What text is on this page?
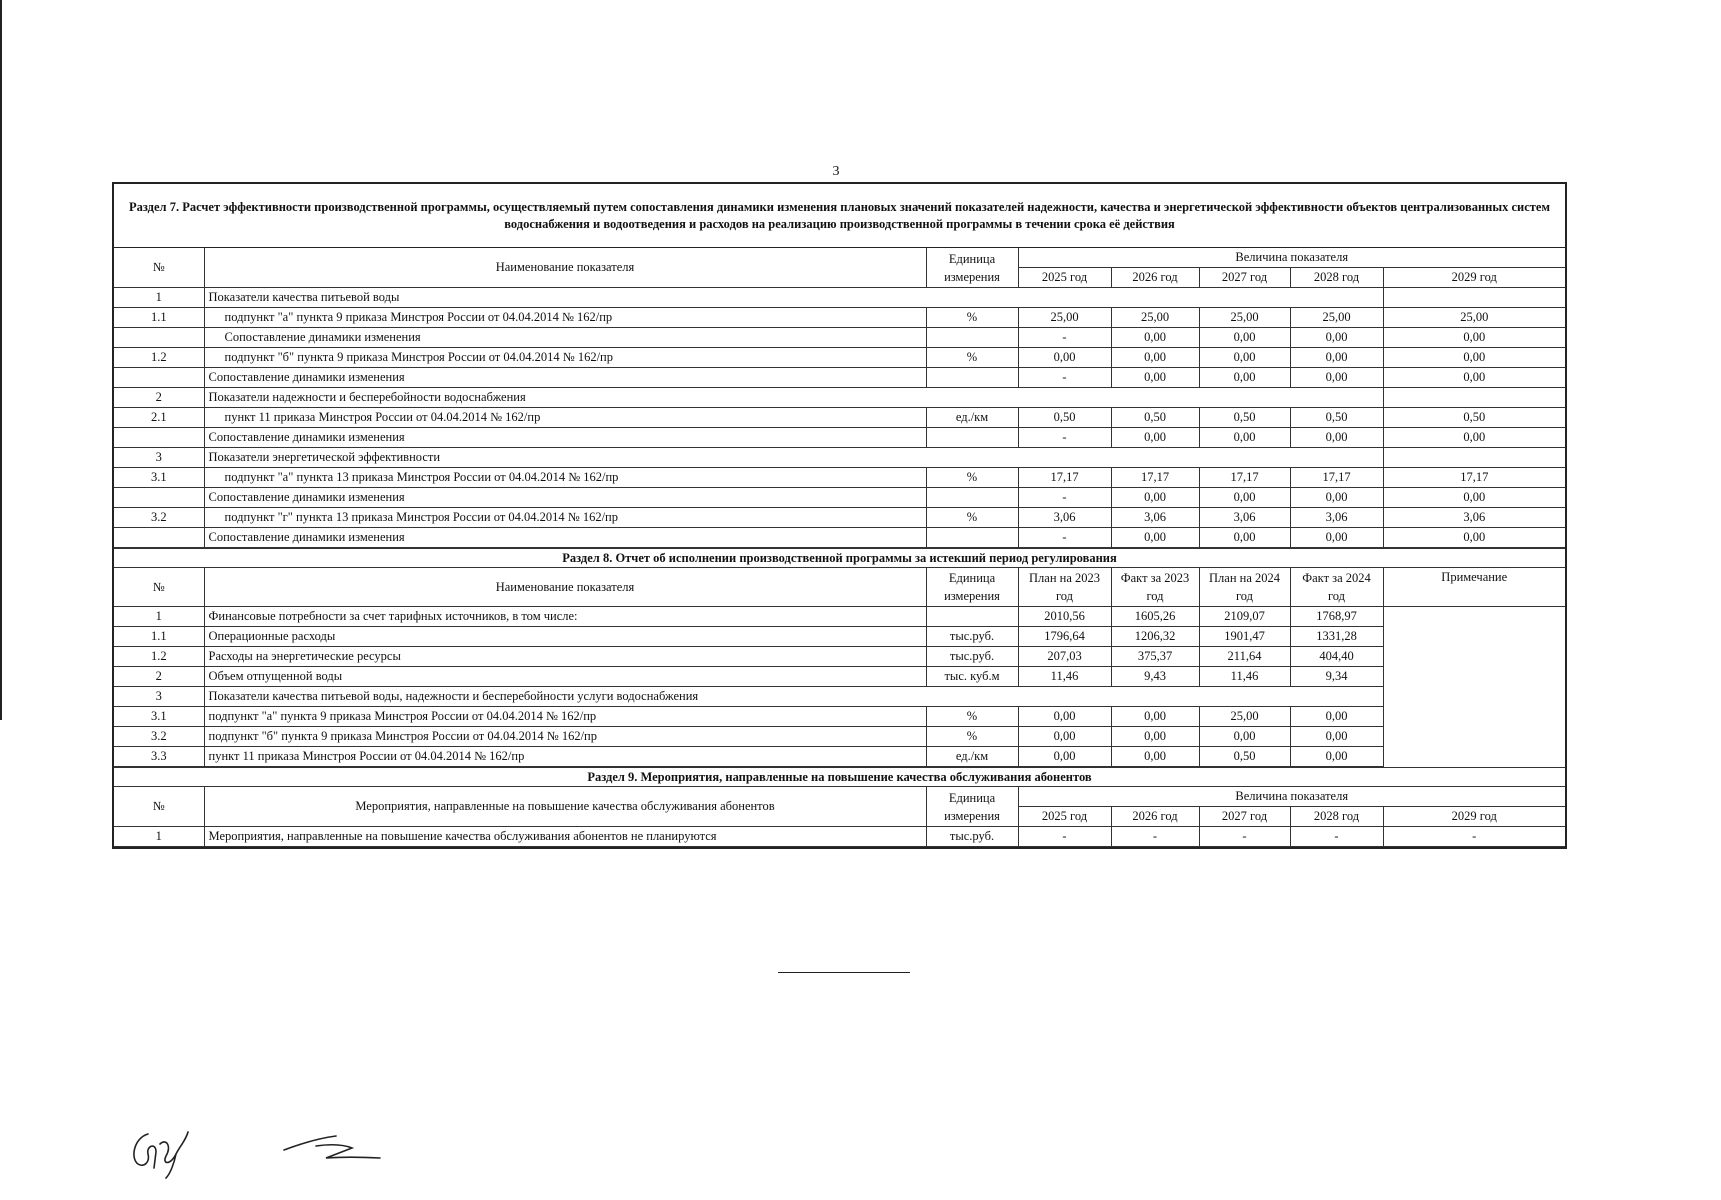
3
Раздел 7. Расчет эффективности производственной программы, осуществляемый путем сопоставления динамики изменения плановых значений показателей надежности, качества и энергетической эффективности объектов централизованных систем водоснабжения и водоотведения и расходов на реализацию производственной программы в течении срока её действия
№	Наименование показателя	Единица измерения	Величина показателя				
			2025 год	2026 год	2027 год	2028 год	2029 год
1	Показатели качества питьевой воды						
1.1	подпункт "а" пункта 9 приказа Минстроя России от 04.04.2014 № 162/пр	%	25,00	25,00	25,00	25,00	25,00
	Сопоставление динамики изменения		-	0,00	0,00	0,00	0,00
1.2	подпункт "б" пункта 9 приказа Минстроя России от 04.04.2014 № 162/пр	%	0,00	0,00	0,00	0,00	0,00
	Сопоставление динамики изменения		-	0,00	0,00	0,00	0,00
2	Показатели надежности и бесперебойности водоснабжения						
2.1	пункт 11 приказа Минстроя России от 04.04.2014 № 162/пр	ед./км	0,50	0,50	0,50	0,50	0,50
	Сопоставление динамики изменения		-	0,00	0,00	0,00	0,00
3	Показатели энергетической эффективности						
3.1	подпункт "а" пункта 13 приказа Минстроя России от 04.04.2014 № 162/пр	%	17,17	17,17	17,17	17,17	17,17
	Сопоставление динамики изменения		-	0,00	0,00	0,00	0,00
3.2	подпункт "г" пункта 13 приказа Минстроя России от 04.04.2014 № 162/пр	%	3,06	3,06	3,06	3,06	3,06
	Сопоставление динамики изменения		-	0,00	0,00	0,00	0,00
Раздел 8. Отчет об исполнении производственной программы за истекший период регулирования							
№	Наименование показателя	Единица измерения	План на 2023 год	Факт за 2023 год	План на 2024 год	Факт за 2024 год	Примечание
1	Финансовые потребности за счет тарифных источников, в том числе:		2010,56	1605,26	2109,07	1768,97	
1.1	Операционные расходы	тыс.руб.	1796,64	1206,32	1901,47	1331,28	
1.2	Расходы на энергетические ресурсы	тыс.руб.	207,03	375,37	211,64	404,40	
2	Объем отпущенной воды	тыс. куб.м	11,46	9,43	11,46	9,34	
3	Показатели качества питьевой воды, надежности и бесперебойности услуги водоснабжения						
3.1	подпункт "а" пункта 9 приказа Минстроя России от 04.04.2014 № 162/пр	%	0,00	0,00	25,00	0,00	
3.2	подпункт "б" пункта 9 приказа Минстроя России от 04.04.2014 № 162/пр	%	0,00	0,00	0,00	0,00	
3.3	пункт 11 приказа Минстроя России от 04.04.2014 № 162/пр	ед./км	0,00	0,00	0,50	0,00	
Раздел 9. Мероприятия, направленные на повышение качества обслуживания абонентов							
№	Мероприятия, направленные на повышение качества обслуживания абонентов	Единица измерения	Величина показателя				
			2025 год	2026 год	2027 год	2028 год	2029 год
1	Мероприятия, направленные на повышение качества обслуживания абонентов не планируются	тыс.руб.	-	-	-	-	-
